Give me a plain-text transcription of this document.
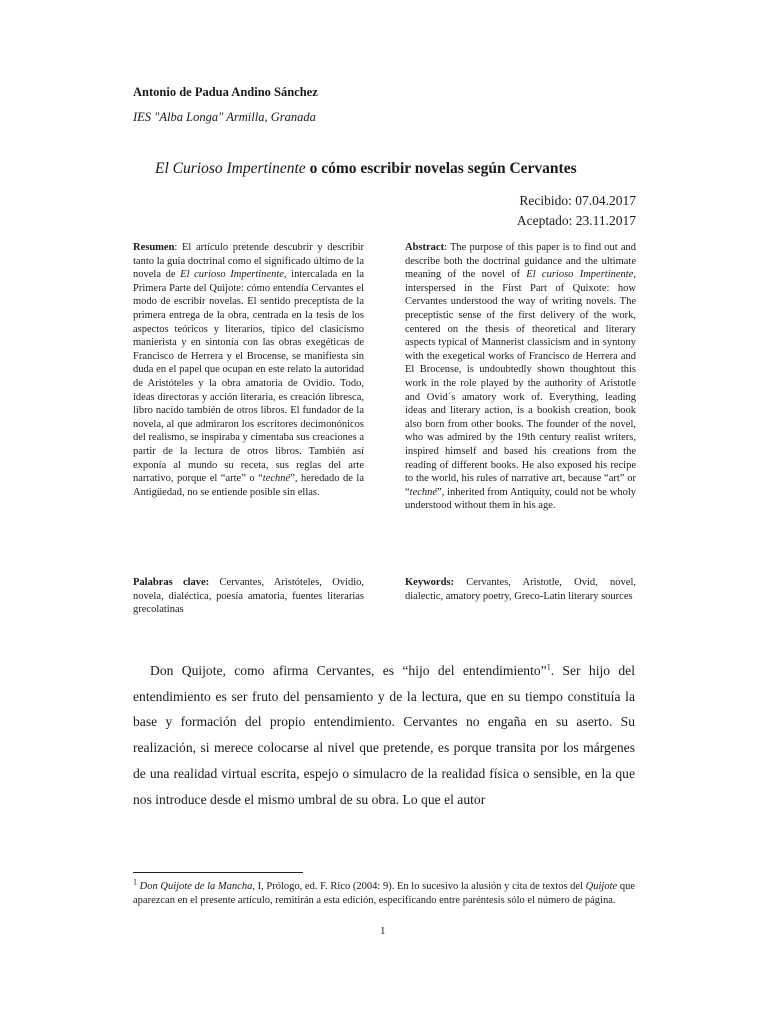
Antonio de Padua Andino Sánchez
IES "Alba Longa" Armilla, Granada
El Curioso Impertinente o cómo escribir novelas según Cervantes
Recibido: 07.04.2017
Aceptado: 23.11.2017
Resumen: El artículo pretende descubrir y describir tanto la guía doctrinal como el significado último de la novela de El curioso Impertinente, intercalada en la Primera Parte del Quijote: cómo entendía Cervantes el modo de escribir novelas. El sentido preceptista de la primera entrega de la obra, centrada en la tesis de los aspectos teóricos y literarios, típico del clasicismo manierista y en sintonía con las obras exegéticas de Francisco de Herrera y el Brocense, se manifiesta sin duda en el papel que ocupan en este relato la autoridad de Aristóteles y la obra amatoria de Ovidio. Todo, ideas directoras y acción literaria, es creación libresca, libro nacido también de otros libros. El fundador de la novela, al que admiraron los escritores decimonónicos del realismo, se inspiraba y cimentaba sus creaciones a partir de la lectura de otros libros. También así exponía al mundo su receta, sus reglas del arte narrativo, porque el “arte” o “techné”, heredado de la Antigüedad, no se entiende posible sin ellas.
Abstract: The purpose of this paper is to find out and describe both the doctrinal guidance and the ultimate meaning of the novel of El curioso Impertinente, interspersed in the First Part of Quixote: how Cervantes understood the way of writing novels. The preceptistic sense of the first delivery of the work, centered on the thesis of theoretical and literary aspects typical of Mannerist classicism and in syntony with the exegetical works of Francisco de Herrera and El Brocense, is undoubtedly shown thoughtout this work in the role played by the authority of Aristotle and Ovid´s amatory work of. Everything, leading ideas and literary action, is a bookish creation, book also born from other books. The founder of the novel, who was admired by the 19th century realist writers, inspired himself and based his creations from the reading of different books. He also exposed his recipe to the world, his rules of narrative art, because “art” or “techné”, inherited from Antiquity, could not be wholy understood without them in his age.
Palabras clave: Cervantes, Aristóteles, Ovidio, novela, dialéctica, poesía amatoria, fuentes literarias grecolatinas
Keywords: Cervantes, Aristotle, Ovid, novel, dialectic, amatory poetry, Greco-Latin literary sources
Don Quijote, como afirma Cervantes, es “hijo del entendimiento”$^1$. Ser hijo del entendimiento es ser fruto del pensamiento y de la lectura, que en su tiempo constituía la base y formación del propio entendimiento. Cervantes no engaña en su aserto. Su realización, si merece colocarse al nivel que pretende, es porque transita por los márgenes de una realidad virtual escrita, espejo o simulacro de la realidad física o sensible, en la que nos introduce desde el mismo umbral de su obra. Lo que el autor
$^1$ Don Quijote de la Mancha, I, Prólogo, ed. F. Rico (2004: 9). En lo sucesivo la alusión y cita de textos del Quijote que aparezcan en el presente artículo, remitirán a esta edición, especificando entre paréntesis sólo el número de página.
1
